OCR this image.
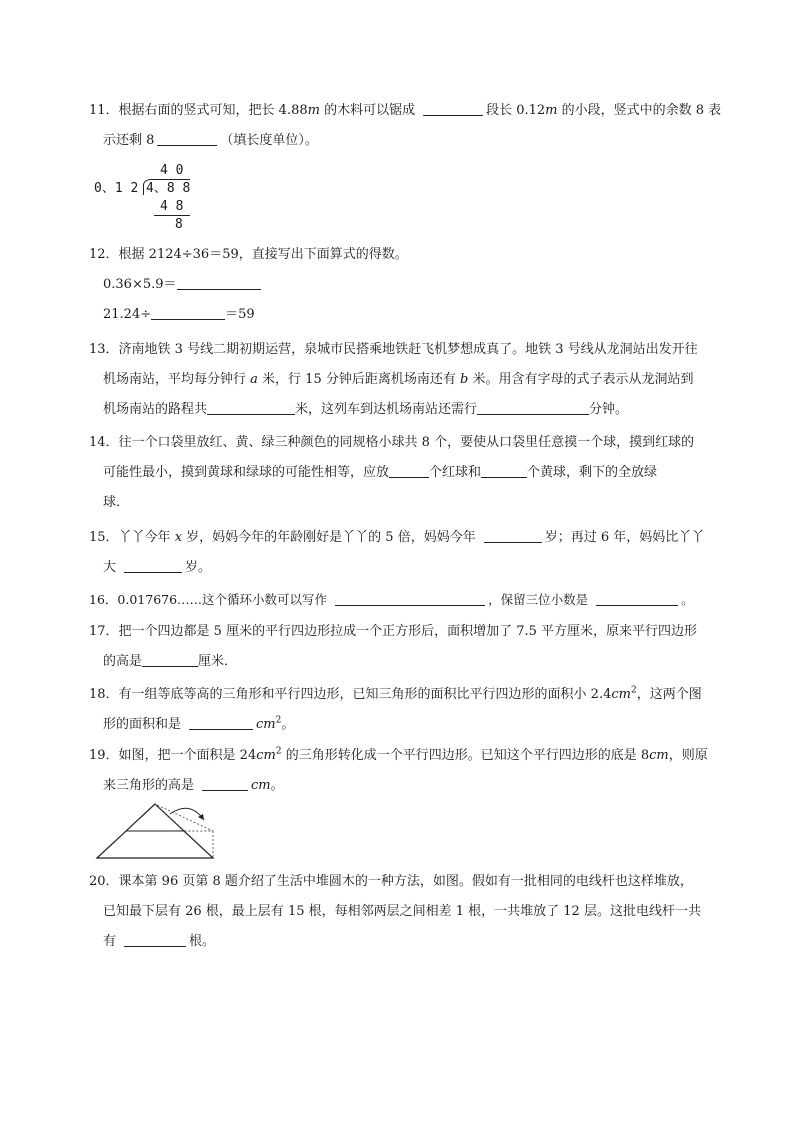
11．根据右面的竖式可知，把长 4.88m 的木料可以锯成	段长 0.12m 的小段，竖式中的余数 8 表
示还剩 8	（填长度单位）。
4 0
0、1 2 4、8 8
4 8
8
12．根据 2124÷36＝59，直接写出下面算式的得数。
0.36×5.9＝
21.24÷	＝59
13．济南地铁 3 号线二期初期运营，泉城市民搭乘地铁赶飞机梦想成真了。地铁 3 号线从龙洞站出发开往
机场南站，平均每分钟行 a 米，行 15 分钟后距离机场南还有 b 米。用含有字母的式子表示从龙洞站到
机场南站的路程共	米，这列车到达机场南站还需行	分钟。
14．往一个口袋里放红、黄、绿三种颜色的同规格小球共 8 个，要使从口袋里任意摸一个球，摸到红球的
可能性最小，摸到黄球和绿球的可能性相等，应放	个红球和	个黄球，剩下的全放绿
球．
15．丫丫今年 x 岁，妈妈今年的年龄刚好是丫丫的 5 倍，妈妈今年	岁；再过 6 年，妈妈比丫丫
大	岁。
16．0.017676……这个循环小数可以写作	，保留三位小数是	。
17．把一个四边都是 5 厘米的平行四边形拉成一个正方形后，面积增加了 7.5 平方厘米，原来平行四边形
的高是	厘米．
18．有一组等底等高的三角形和平行四边形，已知三角形的面积比平行四边形的面积小 $2.4cm^2$，这两个图
形的面积和是	$cm^2$。
19．如图，把一个面积是 $24cm^2$ 的三角形转化成一个平行四边形。已知这个平行四边形的底是 8cm，则原
来三角形的高是	cm。
20．课本第 96 页第 8 题介绍了生活中堆圆木的一种方法，如图。假如有一批相同的电线杆也这样堆放，
已知最下层有 26 根，最上层有 15 根，每相邻两层之间相差 1 根，一共堆放了 12 层。这批电线杆一共
有	根。
